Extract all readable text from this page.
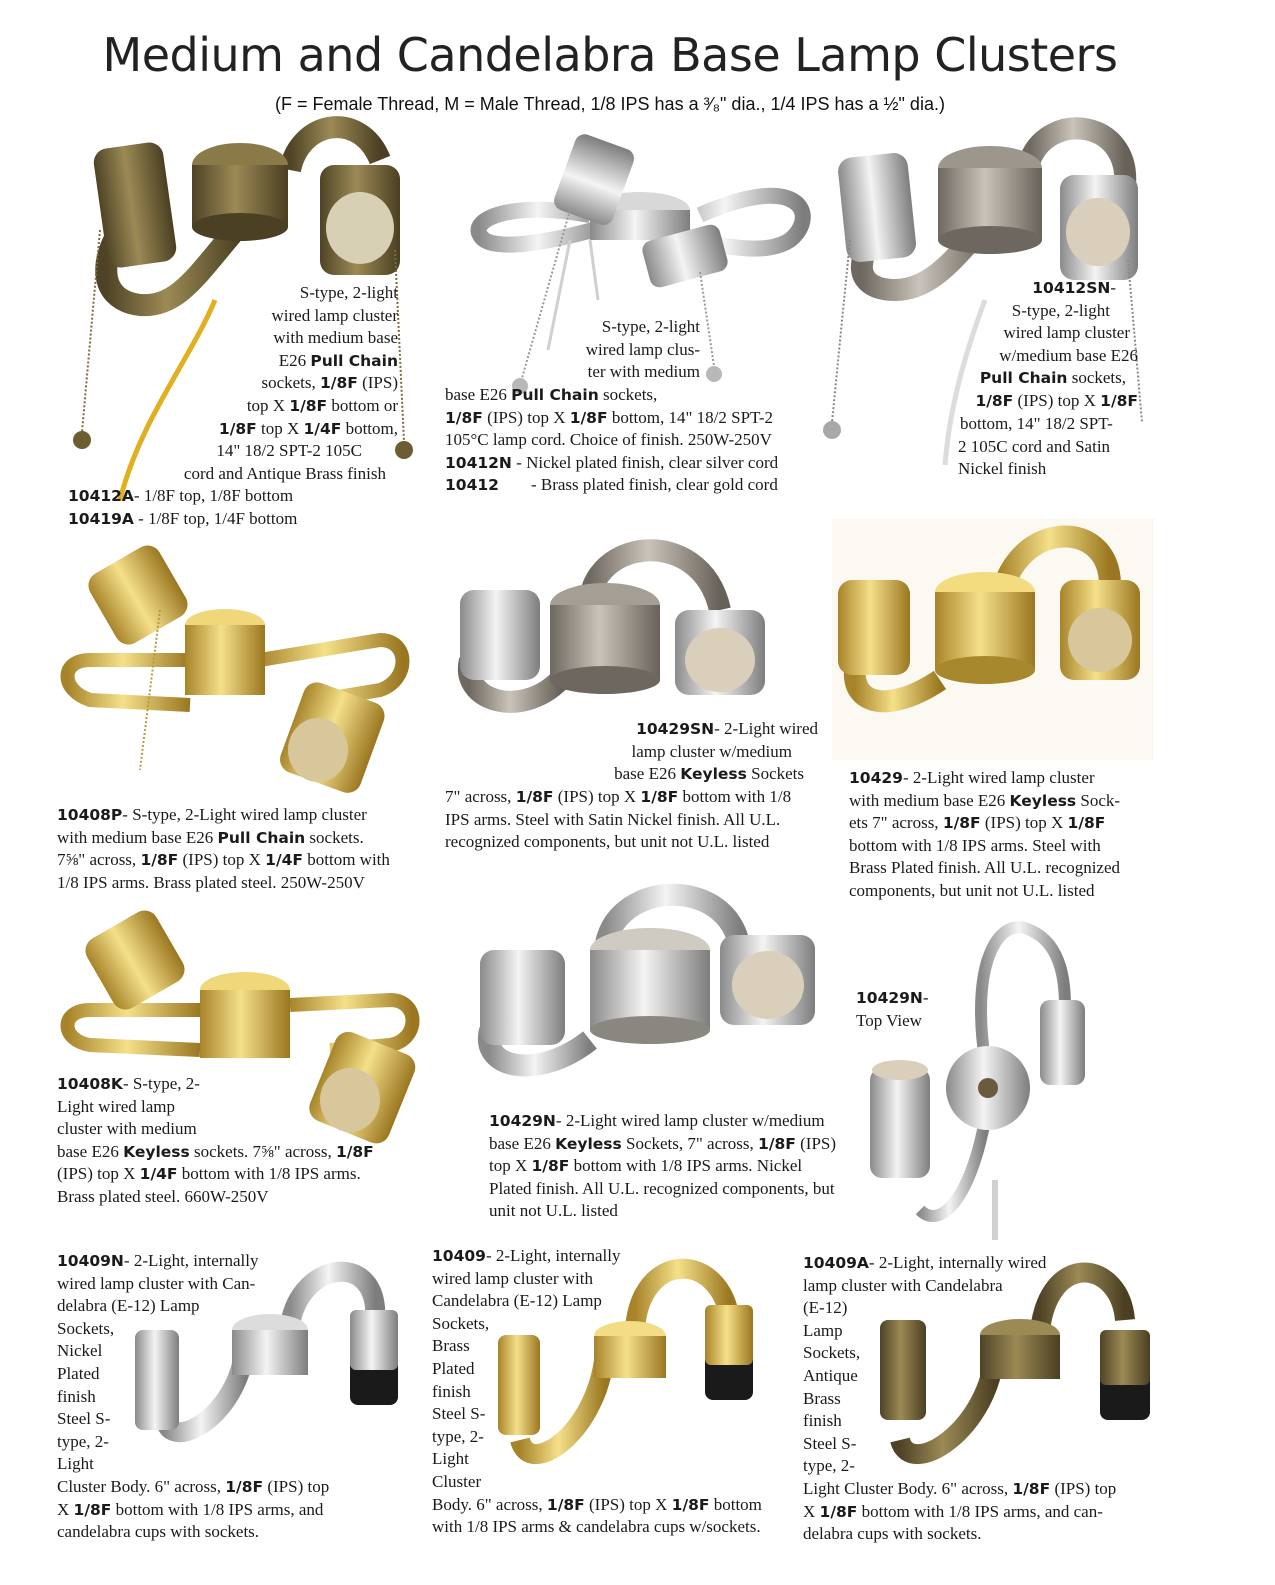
Medium and Candelabra Base Lamp Clusters
(F = Female Thread, M = Male Thread, 1/8 IPS has a ³⁄₈" dia., 1/4 IPS has a ½" dia.)
S-type, 2-light
wired lamp cluster
with medium base
E26 Pull Chain
sockets, 1/8F (IPS)
top X 1/8F bottom or
1/8F top X 1/4F bottom,
14" 18/2 SPT-2 105C
cord and Antique Brass finish
10412A- 1/8F top, 1/8F bottom
10419A - 1/8F top, 1/4F bottom
S-type, 2-light
wired lamp clus-
ter with medium
base E26 Pull Chain sockets,
1/8F (IPS) top X 1/8F bottom, 14" 18/2 SPT-2
105°C lamp cord. Choice of finish. 250W-250V
10412N - Nickel plated finish, clear silver cord
10412 - Brass plated finish, clear gold cord
10412SN-
S-type, 2-light
wired lamp cluster
w/medium base E26
Pull Chain sockets,
1/8F (IPS) top X 1/8F
bottom, 14" 18/2 SPT-
2 105C cord and Satin
Nickel finish
10408P- S-type, 2-Light wired lamp cluster
with medium base E26 Pull Chain sockets.
7⅝" across, 1/8F (IPS) top X 1/4F bottom with
1/8 IPS arms. Brass plated steel. 250W-250V
10429SN- 2-Light wired
lamp cluster w/medium
base E26 Keyless Sockets
7" across, 1/8F (IPS) top X 1/8F bottom with 1/8
IPS arms. Steel with Satin Nickel finish. All U.L.
recognized components, but unit not U.L. listed
10429- 2-Light wired lamp cluster
with medium base E26 Keyless Sock-
ets 7" across, 1/8F (IPS) top X 1/8F
bottom with 1/8 IPS arms. Steel with
Brass Plated finish. All U.L. recognized
components, but unit not U.L. listed
10408K- S-type, 2-
Light wired lamp
cluster with medium
base E26 Keyless sockets. 7⅝" across, 1/8F
(IPS) top X 1/4F bottom with 1/8 IPS arms.
Brass plated steel. 660W-250V
10429N- 2-Light wired lamp cluster w/medium
base E26 Keyless Sockets, 7" across, 1/8F (IPS)
top X 1/8F bottom with 1/8 IPS arms. Nickel
Plated finish. All U.L. recognized components, but
unit not U.L. listed
10429N-
Top View
10409N- 2-Light, internally
wired lamp cluster with Can-
delabra (E-12) Lamp
Sockets,
Nickel
Plated
finish
Steel S-
type, 2-
Light
Cluster Body. 6" across, 1/8F (IPS) top
X 1/8F bottom with 1/8 IPS arms, and
candelabra cups with sockets.
10409- 2-Light, internally
wired lamp cluster with
Candelabra (E-12) Lamp
Sockets,
Brass
Plated
finish
Steel S-
type, 2-
Light
Cluster
Body. 6" across, 1/8F (IPS) top X 1/8F bottom
with 1/8 IPS arms & candelabra cups w/sockets.
10409A- 2-Light, internally wired
lamp cluster with Candelabra
(E-12)
Lamp
Sockets,
Antique
Brass
finish
Steel S-
type, 2-
Light Cluster Body. 6" across, 1/8F (IPS) top
X 1/8F bottom with 1/8 IPS arms, and can-
delabra cups with sockets.
